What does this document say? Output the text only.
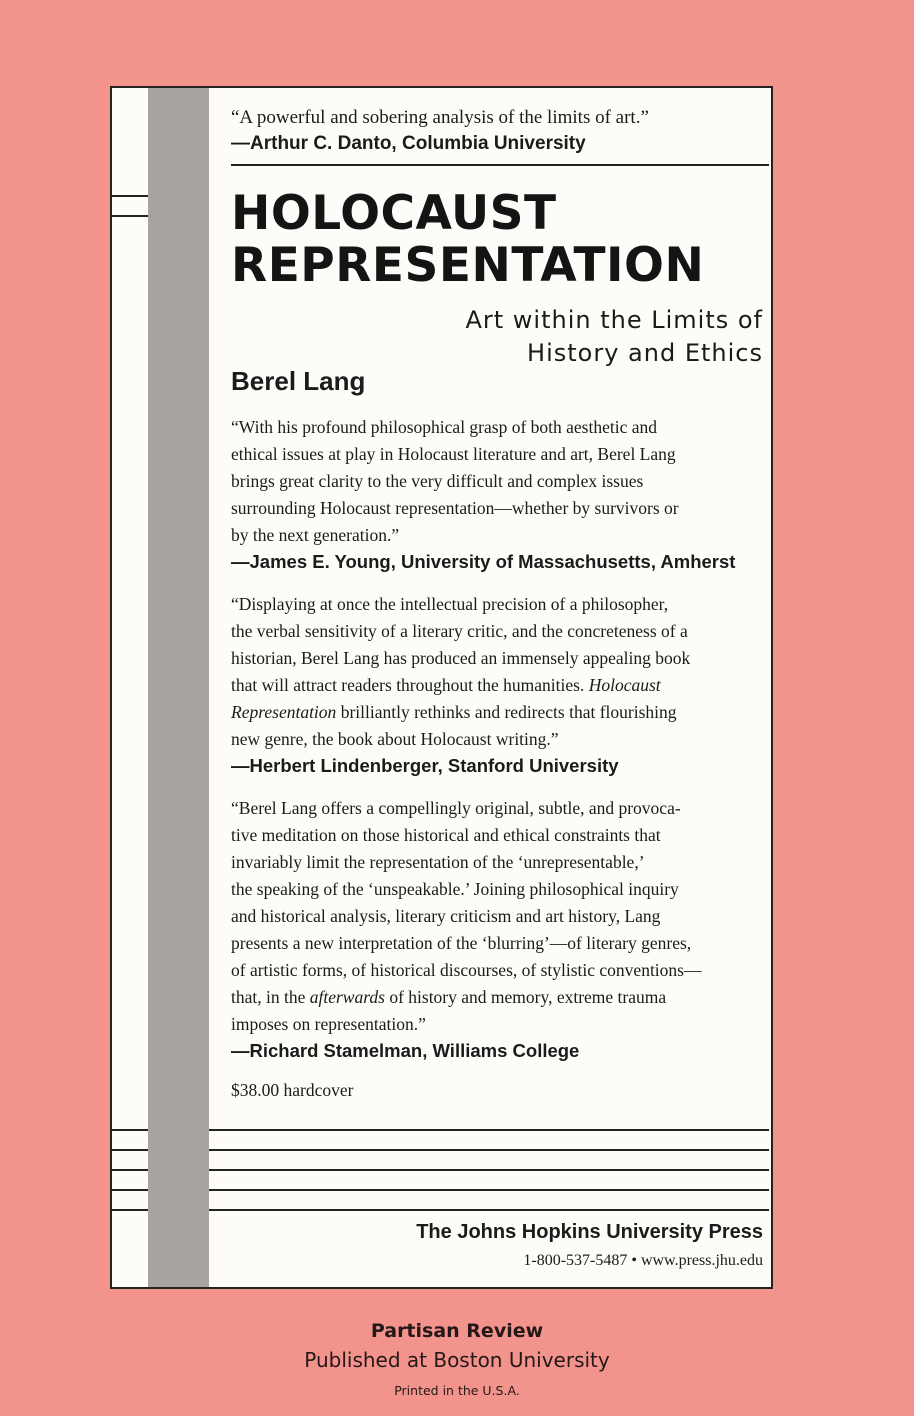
“A powerful and sobering analysis of the limits of art.”
—Arthur C. Danto, Columbia University
HOLOCAUST
REPRESENTATION
Art within the Limits of
History and Ethics
Berel Lang
“With his profound philosophical grasp of both aesthetic and
ethical issues at play in Holocaust literature and art, Berel Lang
brings great clarity to the very difficult and complex issues
surrounding Holocaust representation—whether by survivors or
by the next generation.”
—James E. Young, University of Massachusetts, Amherst
“Displaying at once the intellectual precision of a philosopher,
the verbal sensitivity of a literary critic, and the concreteness of a
historian, Berel Lang has produced an immensely appealing book
that will attract readers throughout the humanities. Holocaust
Representation brilliantly rethinks and redirects that flourishing
new genre, the book about Holocaust writing.”
—Herbert Lindenberger, Stanford University
“Berel Lang offers a compellingly original, subtle, and provoca-
tive meditation on those historical and ethical constraints that
invariably limit the representation of the ‘unrepresentable,’
the speaking of the ‘unspeakable.’ Joining philosophical inquiry
and historical analysis, literary criticism and art history, Lang
presents a new interpretation of the ‘blurring’—of literary genres,
of artistic forms, of historical discourses, of stylistic conventions—
that, in the afterwards of history and memory, extreme trauma
imposes on representation.”
—Richard Stamelman, Williams College
$38.00 hardcover
The Johns Hopkins University Press
1-800-537-5487 • www.press.jhu.edu
Partisan Review
Published at Boston University
Printed in the U.S.A.
